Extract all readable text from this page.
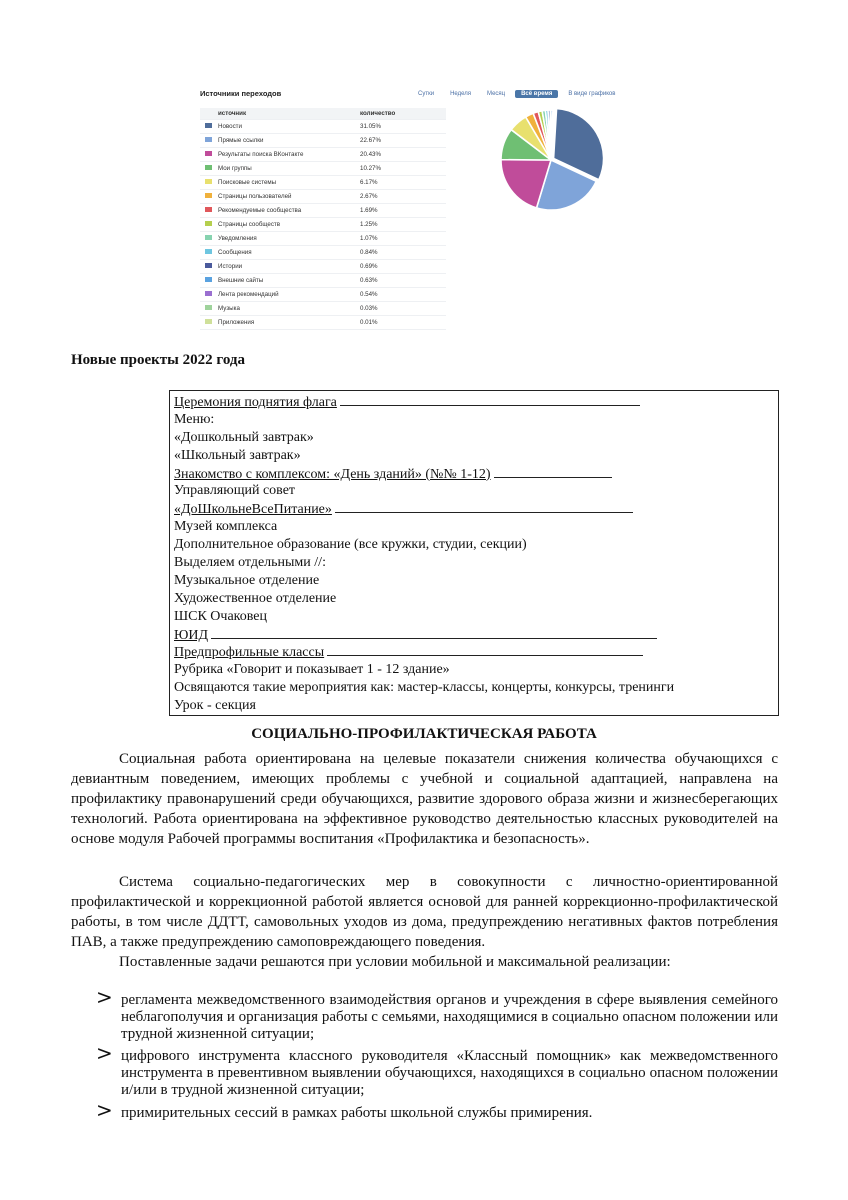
Источники переходов	Сутки	Неделя	Месяц	Всё время	В виде графиков
источник	количество
Новости	31.05%
Прямые ссылки	22.67%
Результаты поиска ВКонтакте	20.43%
Мои группы	10.27%
Поисковые системы	6.17%
Страницы пользователей	2.67%
Рекомендуемые сообщества	1.69%
Страницы сообществ	1.25%
Уведомления	1.07%
Сообщения	0.84%
Истории	0.69%
Внешние сайты	0.63%
Лента рекомендаций	0.54%
Музыка	0.03%
Приложения	0.01%
Новые проекты 2022 года
Церемония поднятия флага
Меню:
«Дошкольный завтрак»
«Школьный завтрак»
Знакомство с комплексом: «День зданий» (№№ 1-12)
Управляющий совет
«ДоШкольнеВсеПитание»
Музей комплекса
Дополнительное образование (все кружки, студии, секции)
Выделяем отдельными //:
Музыкальное отделение
Художественное отделение
ШСК Очаковец
ЮИД
Предпрофильные классы
Рубрика «Говорит и показывает 1 - 12 здание»
Освящаются такие мероприятия как: мастер-классы, концерты, конкурсы, тренинги
Урок - секция
СОЦИАЛЬНО-ПРОФИЛАКТИЧЕСКАЯ РАБОТА

Социальная работа ориентирована на целевые показатели снижения количества обучающихся с девиантным поведением, имеющих проблемы с учебной и социальной адаптацией, направлена на профилактику правонарушений среди обучающихся, развитие здорового образа жизни и жизнесберегающих технологий. Работа ориентирована на эффективное руководство деятельностью классных руководителей на основе модуля Рабочей программы воспитания «Профилактика и безопасность».

Система социально-педагогических мер в совокупности с личностно-ориентированной профилактической и коррекционной работой является основой для ранней коррекционно-профилактической работы, в том числе ДДТТ, самовольных уходов из дома, предупреждению негативных фактов потребления ПАВ, а также предупреждению самоповреждающего поведения.

Поставленные задачи решаются при условии мобильной и максимальной реализации:

> регламента межведомственного взаимодействия органов и учреждения в сфере выявления семейного неблагополучия и организация работы с семьями, находящимися в социально опасном положении или трудной жизненной ситуации;
> цифрового инструмента классного руководителя «Классный помощник» как межведомственного инструмента в превентивном выявлении обучающихся, находящихся в социально опасном положении и/или в трудной жизненной ситуации;
> примирительных сессий в рамках работы школьной службы примирения.
